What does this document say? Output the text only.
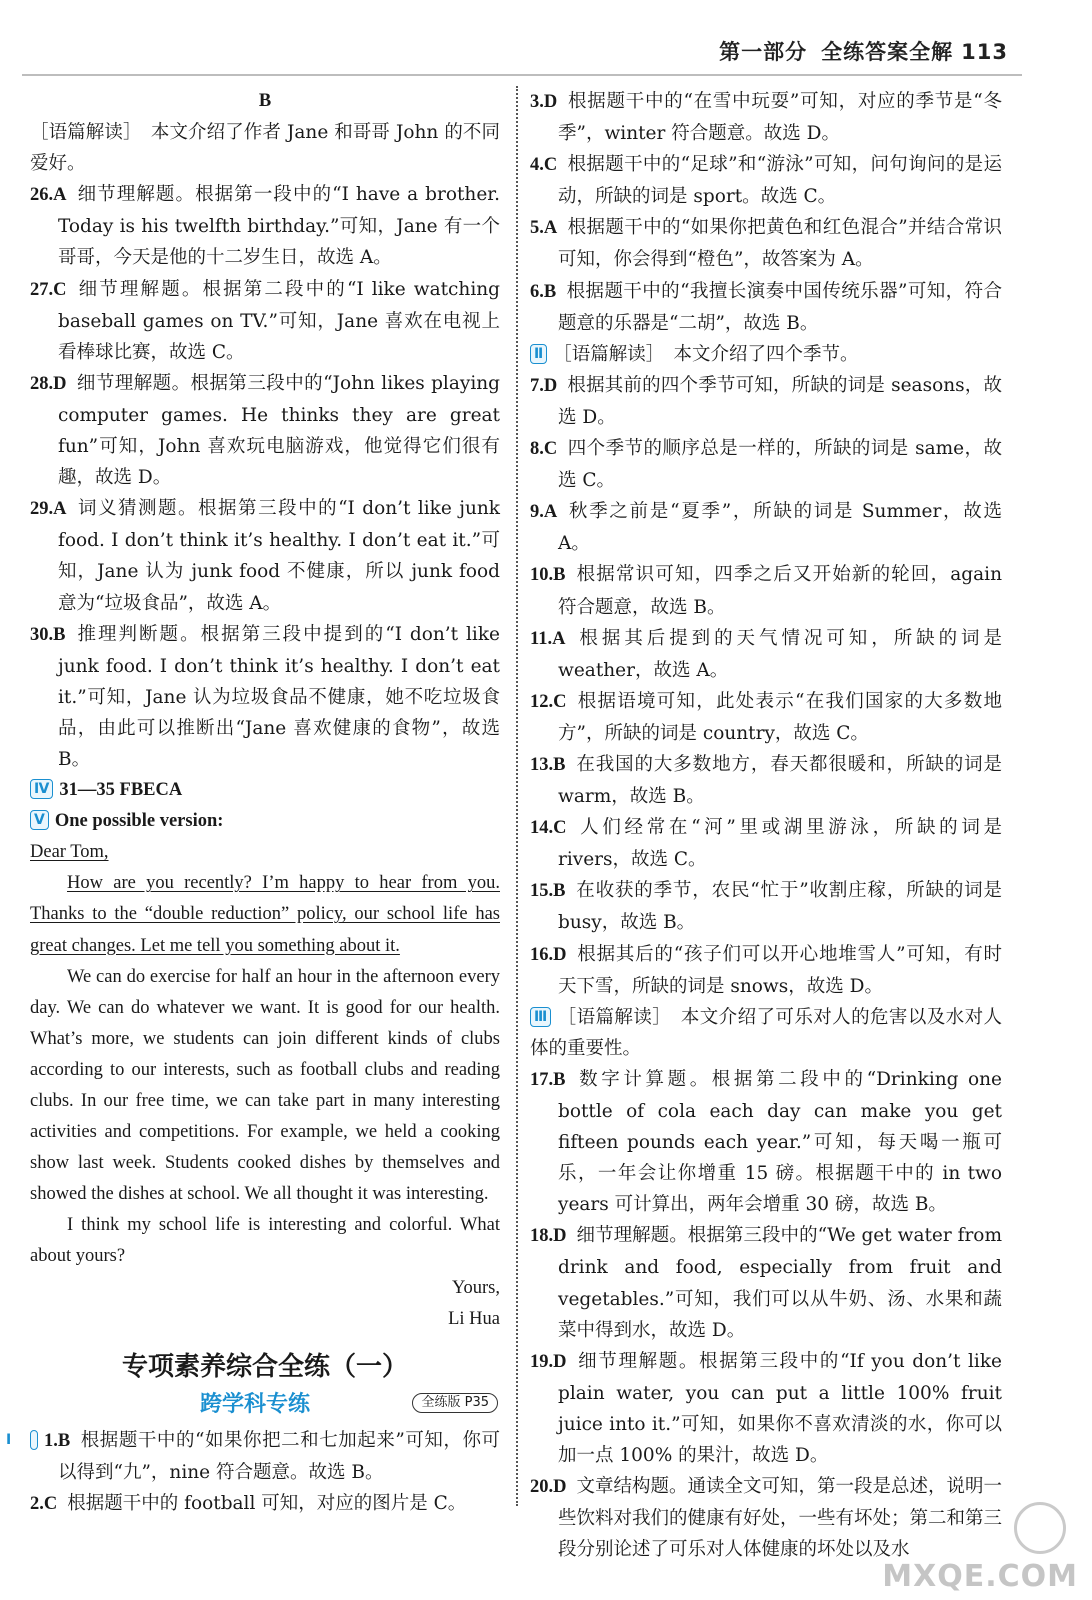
第一部分 全练答案全解 113
B
［语篇解读］　本文介绍了作者 Jane 和哥哥 John 的不同爱好。
26.A 细节理解题。根据第一段中的“I have a brother. Today is his twelfth birthday.”可知，Jane 有一个哥哥，今天是他的十二岁生日，故选 A。
27.C 细节理解题。根据第二段中的“I like watching baseball games on TV.”可知，Jane 喜欢在电视上看棒球比赛，故选 C。
28.D 细节理解题。根据第三段中的“John likes playing computer games. He thinks they are great fun”可知，John 喜欢玩电脑游戏，他觉得它们很有趣，故选 D。
29.A 词义猜测题。根据第三段中的“I don’t like junk food. I don’t think it’s healthy. I don’t eat it.”可知，Jane 认为 junk food 不健康，所以 junk food 意为“垃圾食品”，故选 A。
30.B 推理判断题。根据第三段中提到的“I don’t like junk food. I don’t think it’s healthy. I don’t eat it.”可知，Jane 认为垃圾食品不健康，她不吃垃圾食品，由此可以推断出“Jane 喜欢健康的食物”，故选 B。
Ⅳ 31—35 FBECA
Ⅴ One possible version:
Dear Tom,
How are you recently? I’m happy to hear from you. Thanks to the “double reduction” policy, our school life has great changes. Let me tell you something about it.
We can do exercise for half an hour in the afternoon every day. We can do whatever we want. It is good for our health. What’s more, we students can join different kinds of clubs according to our interests, such as football clubs and reading clubs. In our free time, we can take part in many interesting activities and competitions. For example, we held a cooking show last week. Students cooked dishes by themselves and showed the dishes at school. We all thought it was interesting.
I think my school life is interesting and colorful. What about yours?
Yours,
Li Hua
专项素养综合全练（一）
跨学科专练	全练版 P35
Ⅰ 1.B 根据题干中的“如果你把二和七加起来”可知，你可以得到“九”，nine 符合题意。故选 B。
2.C 根据题干中的 football 可知，对应的图片是 C。
3.D 根据题干中的“在雪中玩耍”可知，对应的季节是“冬季”，winter 符合题意。故选 D。
4.C 根据题干中的“足球”和“游泳”可知，问句询问的是运动，所缺的词是 sport。故选 C。
5.A 根据题干中的“如果你把黄色和红色混合”并结合常识可知，你会得到“橙色”，故答案为 A。
6.B 根据题干中的“我擅长演奏中国传统乐器”可知，符合题意的乐器是“二胡”，故选 B。
Ⅱ ［语篇解读］　本文介绍了四个季节。
7.D 根据其前的四个季节可知，所缺的词是 seasons，故选 D。
8.C 四个季节的顺序总是一样的，所缺的词是 same，故选 C。
9.A 秋季之前是“夏季”，所缺的词是 Summer，故选 A。
10.B 根据常识可知，四季之后又开始新的轮回，again 符合题意，故选 B。
11.A 根据其后提到的天气情况可知，所缺的词是 weather，故选 A。
12.C 根据语境可知，此处表示“在我们国家的大多数地方”，所缺的词是 country，故选 C。
13.B 在我国的大多数地方，春天都很暖和，所缺的词是 warm，故选 B。
14.C 人们经常在“河”里或湖里游泳，所缺的词是 rivers，故选 C。
15.B 在收获的季节，农民“忙于”收割庄稼，所缺的词是 busy，故选 B。
16.D 根据其后的“孩子们可以开心地堆雪人”可知，有时天下雪，所缺的词是 snows，故选 D。
Ⅲ ［语篇解读］　本文介绍了可乐对人的危害以及水对人体的重要性。
17.B 数字计算题。根据第二段中的“Drinking one bottle of cola each day can make you get fifteen pounds each year.”可知，每天喝一瓶可乐，一年会让你增重 15 磅。根据题干中的 in two years 可计算出，两年会增重 30 磅，故选 B。
18.D 细节理解题。根据第三段中的“We get water from drink and food, especially from fruit and vegetables.”可知，我们可以从牛奶、汤、水果和蔬菜中得到水，故选 D。
19.D 细节理解题。根据第三段中的“If you don’t like plain water, you can put a little 100% fruit juice into it.”可知，如果你不喜欢清淡的水，你可以加一点 100% 的果汁，故选 D。
20.D 文章结构题。通读全文可知，第一段是总述，说明一些饮料对我们的健康有好处，一些有坏处；第二和第三段分别论述了可乐对人体健康的坏处以及水
MXQE.COM
